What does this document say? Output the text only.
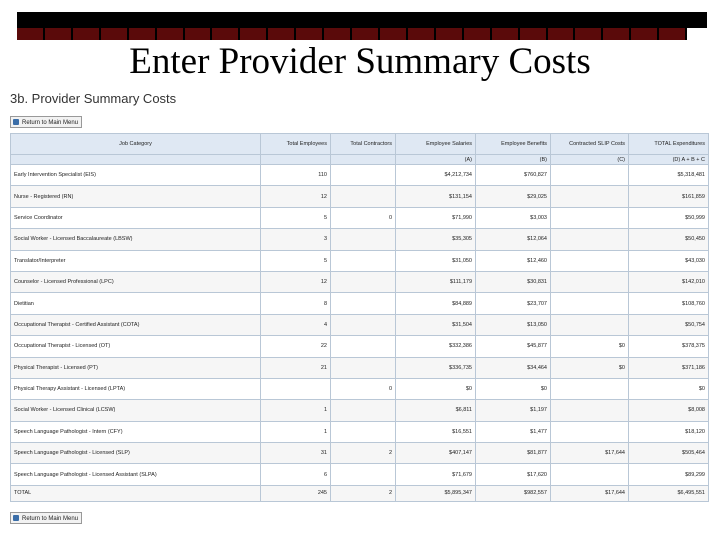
Enter Provider Summary Costs
3b. Provider Summary Costs
Return to Main Menu
Job Category	Total Employees	Total Contractors	Employee Salaries	Employee Benefits	Contracted SLIP Costs	TOTAL Expenditures
			(A)	(B)	(C)	(D) A + B + C
Early Intervention Specialist (EIS)	110		$4,212,734	$760,827		$5,318,481
Nurse - Registered (RN)	12		$131,154	$29,025		$161,859
Service Coordinator	5	0	$71,990	$3,003		$50,999
Social Worker - Licensed Baccalaureate (LBSW)	3		$35,305	$12,064		$50,450
Translator/Interpreter	5		$31,050	$12,460		$43,030
Counselor - Licensed Professional (LPC)	12		$111,179	$30,831		$142,010
Dietitian	8		$84,889	$23,707		$108,760
Occupational Therapist - Certified Assistant (COTA)	4		$31,504	$13,050		$50,754
Occupational Therapist - Licensed (OT)	22		$332,386	$45,877	$0	$378,375
Physical Therapist - Licensed (PT)	21		$336,735	$34,464	$0	$371,186
Physical Therapy Assistant - Licensed (LPTA)		0	$0	$0		$0
Social Worker - Licensed Clinical (LCSW)	1		$6,811	$1,197		$8,008
Speech Language Pathologist - Intern (CFY)	1		$16,551	$1,477		$18,120
Speech Language Pathologist - Licensed (SLP)	31	2	$407,147	$81,877	$17,644	$505,464
Speech Language Pathologist - Licensed Assistant (SLPA)	6		$71,679	$17,620		$89,299
TOTAL	245	2	$5,895,347	$982,557	$17,644	$6,495,551
Return to Main Menu
